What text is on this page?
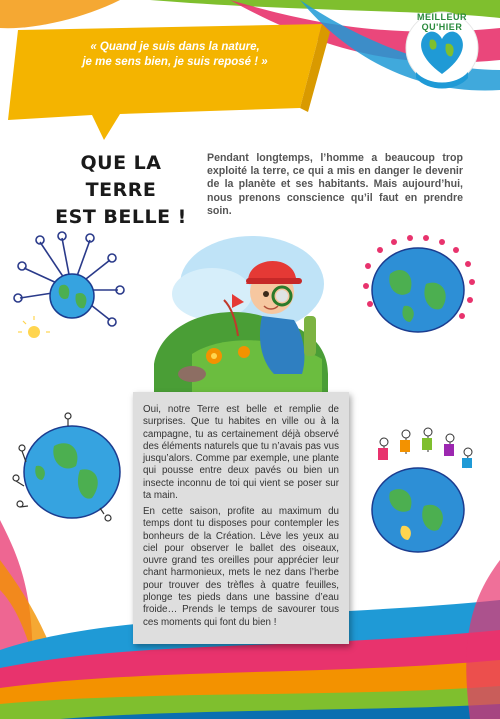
« Quand je suis dans la nature,
je me sens bien, je suis reposé ! »
MEILLEUR QU'HIER
QUE LA TERRE
EST BELLE !
Pendant longtemps, l’homme a beaucoup trop exploité la terre, ce qui a mis en danger le devenir de la planète et ses habitants. Mais aujourd’hui, nous prenons conscience qu’il faut en prendre soin.

Oui, notre Terre est belle et remplie de surprises. Que tu habites en ville ou à la campagne, tu as certainement déjà observé des éléments naturels que tu n’avais pas vus jusqu’alors. Comme par exemple, une plante qui pousse entre deux pavés ou bien un insecte inconnu de toi qui vient se poser sur ta main.

En cette saison, profite au maximum du temps dont tu disposes pour contempler les bonheurs de la Création. Lève les yeux au ciel pour observer le ballet des oiseaux, ouvre grand tes oreilles pour apprécier leur chant harmonieux, mets le nez dans l’herbe pour trouver des trèfles à quatre feuilles, plonge tes pieds dans une bassine d’eau froide… Prends le temps de savourer tous ces moments qui font du bien !
